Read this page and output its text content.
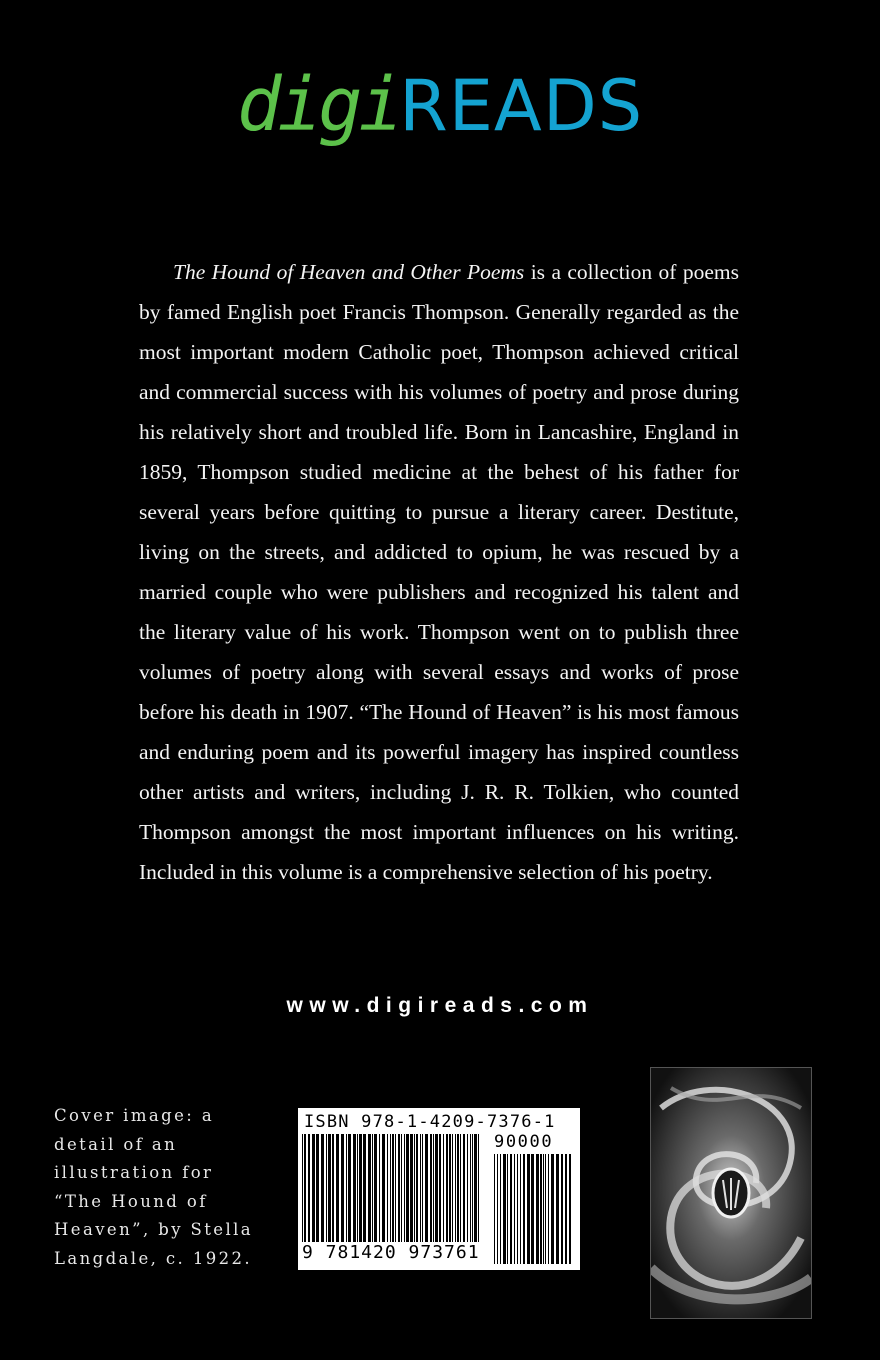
digiREADS

The Hound of Heaven and Other Poems is a collection of poems by famed English poet Francis Thompson. Generally regarded as the most important modern Catholic poet, Thompson achieved critical and commercial success with his volumes of poetry and prose during his relatively short and troubled life. Born in Lancashire, England in 1859, Thompson studied medicine at the behest of his father for several years before quitting to pursue a literary career. Destitute, living on the streets, and addicted to opium, he was rescued by a married couple who were publishers and recognized his talent and the literary value of his work. Thompson went on to publish three volumes of poetry along with several essays and works of prose before his death in 1907. “The Hound of Heaven” is his most famous and enduring poem and its powerful imagery has inspired countless other artists and writers, including J. R. R. Tolkien, who counted Thompson amongst the most important influences on his writing. Included in this volume is a comprehensive selection of his poetry.

www.digireads.com
Cover image: a
detail of an
illustration for
“The Hound of
Heaven”, by Stella
Langdale, c. 1922.
ISBN 978-1-4209-7376-1
90000
9 781420 973761
